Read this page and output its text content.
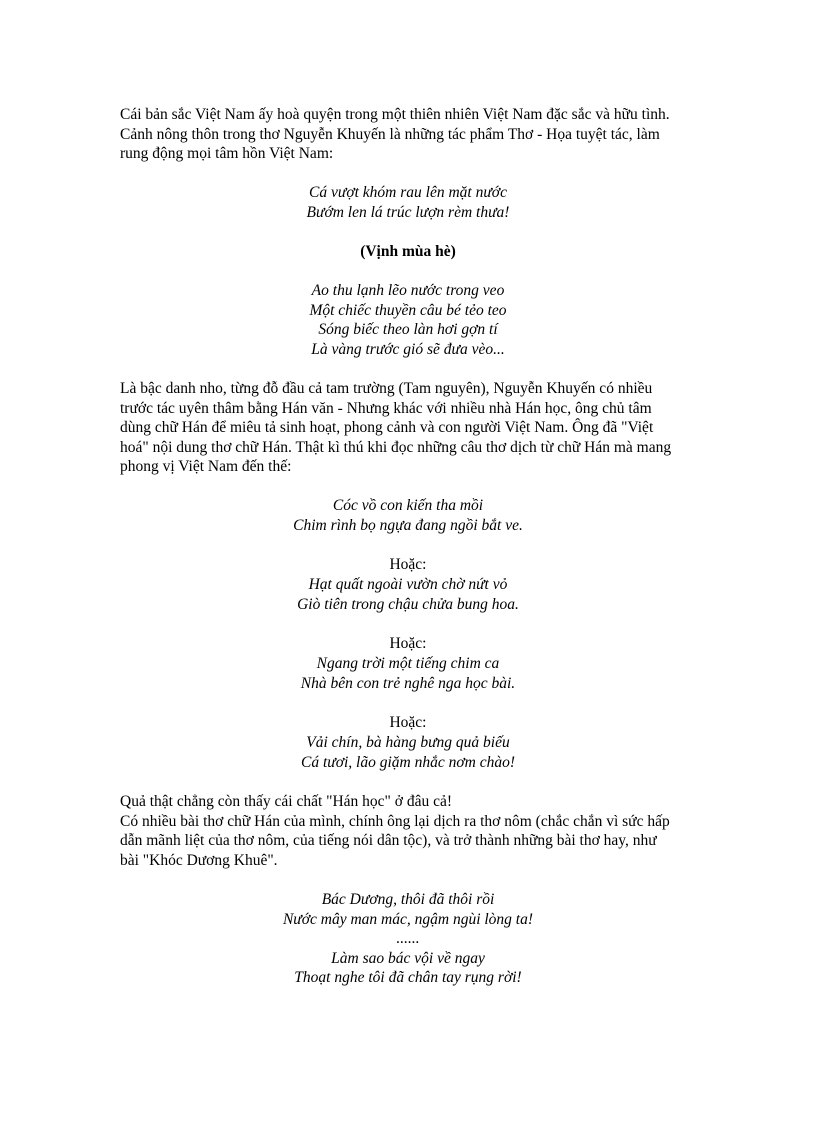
Cái bản sắc Việt Nam ấy hoà quyện trong một thiên nhiên Việt Nam đặc sắc và hữu tình.
Cảnh nông thôn trong thơ Nguyễn Khuyến là những tác phẩm Thơ - Họa tuyệt tác, làm
rung động mọi tâm hồn Việt Nam:

Cá vượt khóm rau lên mặt nước
Bướm len lá trúc lượn rèm thưa!
(Vịnh mùa hè)
Ao thu lạnh lẽo nước trong veo
Một chiếc thuyền câu bé tẻo teo
Sóng biếc theo làn hơi gợn tí
Là vàng trước gió sẽ đưa vèo...

Là bậc danh nho, từng đỗ đầu cả tam trường (Tam nguyên), Nguyễn Khuyến có nhiều
trước tác uyên thâm bằng Hán văn - Nhưng khác với nhiều nhà Hán học, ông chủ tâm
dùng chữ Hán để miêu tả sinh hoạt, phong cảnh và con người Việt Nam. Ông đã "Việt
hoá" nội dung thơ chữ Hán. Thật kì thú khi đọc những câu thơ dịch từ chữ Hán mà mang
phong vị Việt Nam đến thế:

Cóc vồ con kiến tha mồi
Chim rình bọ ngựa đang ngồi bắt ve.
Hoặc:
Hạt quất ngoài vườn chờ nứt vỏ
Giò tiên trong chậu chửa bung hoa.
Hoặc:
Ngang trời một tiếng chim ca
Nhà bên con trẻ nghê nga học bài.
Hoặc:
Vải chín, bà hàng bưng quả biếu
Cá tươi, lão giặm nhắc nơm chào!

Quả thật chẳng còn thấy cái chất "Hán học" ở đâu cả!
Có nhiều bài thơ chữ Hán của mình, chính ông lại dịch ra thơ nôm (chắc chắn vì sức hấp
dẫn mãnh liệt của thơ nôm, của tiếng nói dân tộc), và trở thành những bài thơ hay, như
bài "Khóc Dương Khuê".

Bác Dương, thôi đã thôi rồi
Nước mây man mác, ngậm ngùi lòng ta!
......
Làm sao bác vội về ngay
Thoạt nghe tôi đã chân tay rụng rời!
